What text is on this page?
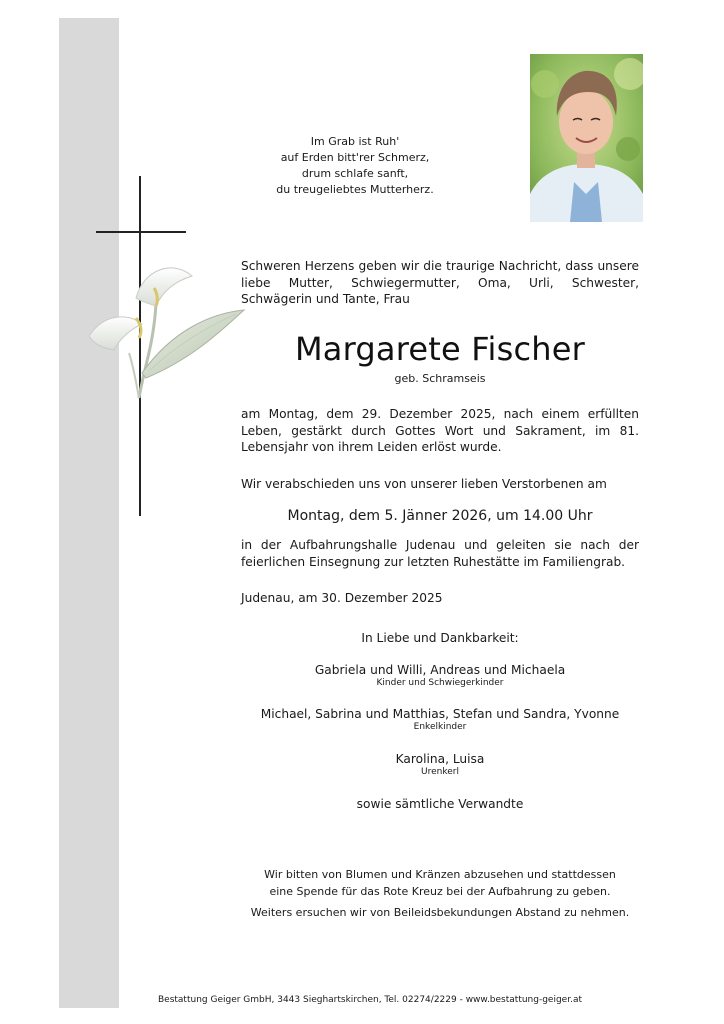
Im Grab ist Ruh'
auf Erden bitt'rer Schmerz,
drum schlafe sanft,
du treugeliebtes Mutterherz.
Schweren Herzens geben wir die traurige Nachricht, dass unsere liebe Mutter, Schwiegermutter, Oma, Urli, Schwester, Schwägerin und Tante, Frau
Margarete Fischer
geb. Schramseis
am Montag, dem 29. Dezember 2025, nach einem erfüllten Leben, gestärkt durch Gottes Wort und Sakrament, im 81. Lebensjahr von ihrem Leiden erlöst wurde.
Wir verabschieden uns von unserer lieben Verstorbenen am
Montag, dem 5. Jänner 2026, um 14.00 Uhr
in der Aufbahrungshalle Judenau und geleiten sie nach der feierlichen Einsegnung zur letzten Ruhestätte im Familiengrab.
Judenau, am 30. Dezember 2025
In Liebe und Dankbarkeit:
Gabriela und Willi, Andreas und Michaela
Kinder und Schwiegerkinder
Michael, Sabrina und Matthias, Stefan und Sandra, Yvonne
Enkelkinder
Karolina, Luisa
Urenkerl
sowie sämtliche Verwandte
Wir bitten von Blumen und Kränzen abzusehen und stattdessen
eine Spende für das Rote Kreuz bei der Aufbahrung zu geben.
Weiters ersuchen wir von Beileidsbekundungen Abstand zu nehmen.
Bestattung Geiger GmbH, 3443 Sieghartskirchen, Tel. 02274/2229 - www.bestattung-geiger.at
